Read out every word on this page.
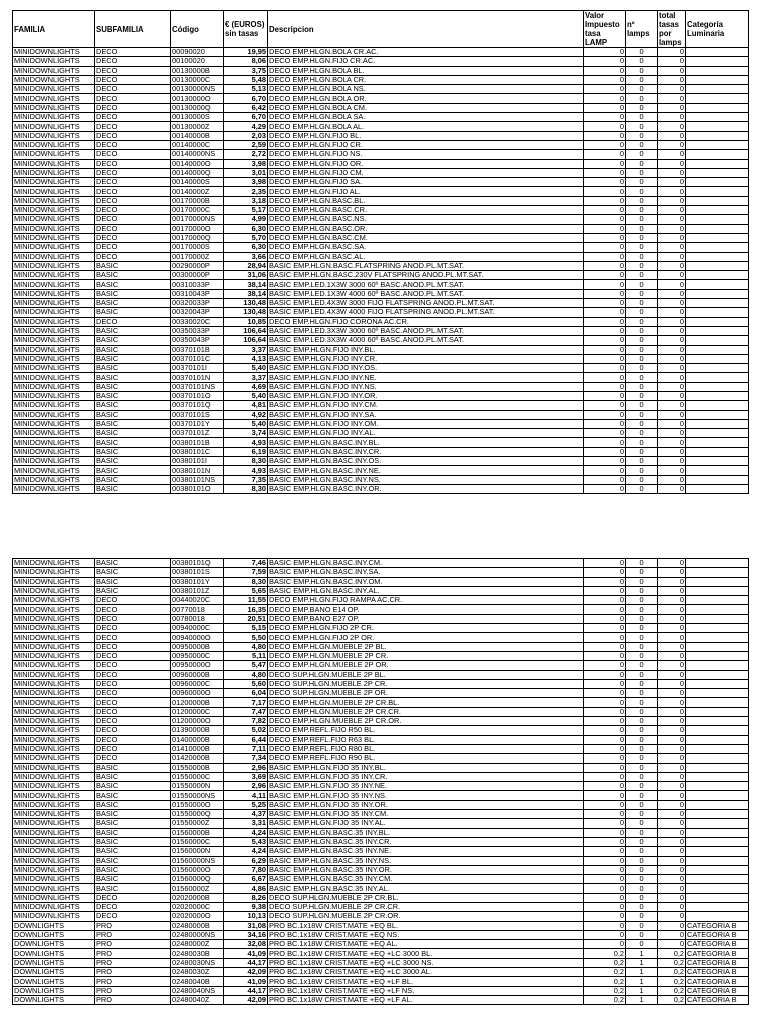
FAMILIA	SUBFAMILIA	Código	€ (EUROS) sin tasas	Descripcion	Valor Impuesto tasa LAMP	nº lamps	total tasas por lamps	Categoria Luminaria
MINIDOWNLIGHTS	DECO	00090020	19,95	DECO EMP.HLGN.BOLA CR.AC.	0	0	0	
MINIDOWNLIGHTS	DECO	00100020	8,06	DECO EMP.HLGN.FIJO CR.AC.	0	0	0	
MINIDOWNLIGHTS	DECO	00130000B	3,75	DECO EMP.HLGN.BOLA BL.	0	0	0	
MINIDOWNLIGHTS	DECO	00130000C	5,48	DECO EMP.HLGN.BOLA CR.	0	0	0	
MINIDOWNLIGHTS	DECO	00130000NS	5,13	DECO EMP.HLGN.BOLA NS.	0	0	0	
MINIDOWNLIGHTS	DECO	00130000O	6,70	DECO EMP.HLGN.BOLA OR.	0	0	0	
MINIDOWNLIGHTS	DECO	00130000Q	6,42	DECO EMP.HLGN.BOLA CM.	0	0	0	
MINIDOWNLIGHTS	DECO	00130000S	6,70	DECO EMP.HLGN.BOLA SA.	0	0	0	
MINIDOWNLIGHTS	DECO	00130000Z	4,29	DECO EMP.HLGN.BOLA AL.	0	0	0	
MINIDOWNLIGHTS	DECO	00140000B	2,03	DECO EMP.HLGN.FIJO BL.	0	0	0	
MINIDOWNLIGHTS	DECO	00140000C	2,59	DECO EMP.HLGN.FIJO CR.	0	0	0	
MINIDOWNLIGHTS	DECO	00140000NS	2,72	DECO EMP.HLGN.FIJO NS.	0	0	0	
MINIDOWNLIGHTS	DECO	00140000O	3,98	DECO EMP.HLGN.FIJO OR.	0	0	0	
MINIDOWNLIGHTS	DECO	00140000Q	3,01	DECO EMP.HLGN.FIJO CM.	0	0	0	
MINIDOWNLIGHTS	DECO	00140000S	3,98	DECO EMP.HLGN.FIJO SA.	0	0	0	
MINIDOWNLIGHTS	DECO	00140000Z	2,35	DECO EMP.HLGN.FIJO AL.	0	0	0	
MINIDOWNLIGHTS	DECO	00170000B	3,18	DECO EMP.HLGN.BASC.BL.	0	0	0	
MINIDOWNLIGHTS	DECO	00170000C	5,17	DECO EMP.HLGN.BASC.CR.	0	0	0	
MINIDOWNLIGHTS	DECO	00170000NS	4,99	DECO EMP.HLGN.BASC.NS.	0	0	0	
MINIDOWNLIGHTS	DECO	00170000O	6,30	DECO EMP.HLGN.BASC.OR.	0	0	0	
MINIDOWNLIGHTS	DECO	00170000Q	5,70	DECO EMP.HLGN.BASC.CM.	0	0	0	
MINIDOWNLIGHTS	DECO	00170000S	6,30	DECO EMP.HLGN.BASC.SA.	0	0	0	
MINIDOWNLIGHTS	DECO	00170000Z	3,66	DECO EMP.HLGN.BASC.AL.	0	0	0	
MINIDOWNLIGHTS	BASIC	00290000P	28,94	BASIC EMP.HLGN.BASC.FLATSPRING ANOD.PL.MT.SAT.	0	0	0	
MINIDOWNLIGHTS	BASIC	00300000P	31,06	BASIC EMP.HLGN.BASC.230V FLATSPRING ANOD.PL.MT.SAT.	0	0	0	
MINIDOWNLIGHTS	BASIC	00310033P	38,14	BASIC EMP.LED.1X3W 3000 60º BASC.ANOD.PL.MT.SAT.	0	0	0	
MINIDOWNLIGHTS	BASIC	00310043P	38,14	BASIC EMP.LED.1X3W 4000 60º BASC.ANOD.PL.MT.SAT.	0	0	0	
MINIDOWNLIGHTS	BASIC	00320033P	130,48	BASIC EMP.LED.4X3W 3000 FIJO FLATSPRING ANOD.PL.MT.SAT.	0	0	0	
MINIDOWNLIGHTS	BASIC	00320043P	130,48	BASIC EMP.LED.4X3W 4000 FIJO FLATSPRING ANOD.PL.MT.SAT.	0	0	0	
MINIDOWNLIGHTS	DECO	00330020C	10,85	DECO EMP.HLGN.FIJO CORONA AC.CR.	0	0	0	
MINIDOWNLIGHTS	BASIC	00350033P	106,64	BASIC EMP.LED.3X3W 3000 60º BASC.ANOD.PL.MT.SAT.	0	0	0	
MINIDOWNLIGHTS	BASIC	00350043P	106,64	BASIC EMP.LED.3X3W 4000 60º BASC.ANOD.PL.MT.SAT.	0	0	0	
MINIDOWNLIGHTS	BASIC	00370101B	3,37	BASIC EMP.HLGN.FIJO INY.BL.	0	0	0	
MINIDOWNLIGHTS	BASIC	00370101C	4,13	BASIC EMP.HLGN.FIJO INY.CR.	0	0	0	
MINIDOWNLIGHTS	BASIC	00370101I	5,40	BASIC EMP.HLGN.FIJO INY.OS.	0	0	0	
MINIDOWNLIGHTS	BASIC	00370101N	3,37	BASIC EMP.HLGN.FIJO INY.NE.	0	0	0	
MINIDOWNLIGHTS	BASIC	00370101NS	4,69	BASIC EMP.HLGN.FIJO INY.NS.	0	0	0	
MINIDOWNLIGHTS	BASIC	00370101O	5,40	BASIC EMP.HLGN.FIJO INY.OR.	0	0	0	
MINIDOWNLIGHTS	BASIC	00370101Q	4,81	BASIC EMP.HLGN.FIJO INY.CM.	0	0	0	
MINIDOWNLIGHTS	BASIC	00370101S	4,92	BASIC EMP.HLGN.FIJO INY.SA.	0	0	0	
MINIDOWNLIGHTS	BASIC	00370101Y	5,40	BASIC EMP.HLGN.FIJO INY.OM.	0	0	0	
MINIDOWNLIGHTS	BASIC	00370101Z	3,74	BASIC EMP.HLGN.FIJO INY.AL.	0	0	0	
MINIDOWNLIGHTS	BASIC	00380101B	4,93	BASIC EMP.HLGN.BASC.INY.BL.	0	0	0	
MINIDOWNLIGHTS	BASIC	00380101C	6,19	BASIC EMP.HLGN.BASC.INY.CR.	0	0	0	
MINIDOWNLIGHTS	BASIC	00380101I	8,30	BASIC EMP.HLGN.BASC.INY.OS.	0	0	0	
MINIDOWNLIGHTS	BASIC	00380101N	4,93	BASIC EMP.HLGN.BASC.INY.NE.	0	0	0	
MINIDOWNLIGHTS	BASIC	00380101NS	7,35	BASIC EMP.HLGN.BASC.INY.NS.	0	0	0	
MINIDOWNLIGHTS	BASIC	00380101O	8,30	BASIC EMP.HLGN.BASC.INY.OR.	0	0	0	
MINIDOWNLIGHTS	BASIC	00380101Q	7,46	BASIC EMP.HLGN.BASC.INY.CM.	0	0	0	
MINIDOWNLIGHTS	BASIC	00380101S	7,59	BASIC EMP.HLGN.BASC.INY.SA.	0	0	0	
MINIDOWNLIGHTS	BASIC	00380101Y	8,30	BASIC EMP.HLGN.BASC.INY.OM.	0	0	0	
MINIDOWNLIGHTS	BASIC	00380101Z	5,65	BASIC EMP.HLGN.BASC.INY.AL.	0	0	0	
MINIDOWNLIGHTS	DECO	00440020C	11,55	DECO EMP.HLGN.FIJO RAMPA AC.CR.	0	0	0	
MINIDOWNLIGHTS	DECO	00770018	16,35	DECO EMP.BANO E14 OP.	0	0	0	
MINIDOWNLIGHTS	DECO	00780018	20,51	DECO EMP.BANO E27 OP.	0	0	0	
MINIDOWNLIGHTS	DECO	00940000C	5,15	DECO EMP.HLGN.FIJO 2P CR.	0	0	0	
MINIDOWNLIGHTS	DECO	00940000O	5,50	DECO EMP.HLGN.FIJO 2P OR.	0	0	0	
MINIDOWNLIGHTS	DECO	00950000B	4,80	DECO EMP.HLGN.MUEBLE 2P BL.	0	0	0	
MINIDOWNLIGHTS	DECO	00950000C	5,11	DECO EMP.HLGN.MUEBLE 2P CR.	0	0	0	
MINIDOWNLIGHTS	DECO	00950000O	5,47	DECO EMP.HLGN.MUEBLE 2P OR.	0	0	0	
MINIDOWNLIGHTS	DECO	00960000B	4,80	DECO SUP.HLGN.MUEBLE 2P BL.	0	0	0	
MINIDOWNLIGHTS	DECO	00960000C	5,60	DECO SUP.HLGN.MUEBLE 2P CR.	0	0	0	
MINIDOWNLIGHTS	DECO	00960000O	6,04	DECO SUP.HLGN.MUEBLE 2P OR.	0	0	0	
MINIDOWNLIGHTS	DECO	01200000B	7,17	DECO EMP.HLGN.MUEBLE 2P CR.BL.	0	0	0	
MINIDOWNLIGHTS	DECO	01200000C	7,47	DECO EMP.HLGN.MUEBLE 2P CR.CR.	0	0	0	
MINIDOWNLIGHTS	DECO	01200000O	7,82	DECO EMP.HLGN.MUEBLE 2P CR.OR.	0	0	0	
MINIDOWNLIGHTS	DECO	01390000B	5,02	DECO EMP.REFL.FIJO R50 BL.	0	0	0	
MINIDOWNLIGHTS	DECO	01400000B	6,44	DECO EMP.REFL.FIJO R63 BL.	0	0	0	
MINIDOWNLIGHTS	DECO	01410000B	7,11	DECO EMP.REFL.FIJO R80 BL.	0	0	0	
MINIDOWNLIGHTS	DECO	01420000B	7,34	DECO EMP.REFL.FIJO R90 BL.	0	0	0	
MINIDOWNLIGHTS	BASIC	01550000B	2,96	BASIC EMP.HLGN.FIJO 35 INY.BL.	0	0	0	
MINIDOWNLIGHTS	BASIC	01550000C	3,69	BASIC EMP.HLGN.FIJO 35 INY.CR.	0	0	0	
MINIDOWNLIGHTS	BASIC	01550000N	2,96	BASIC EMP.HLGN.FIJO 35 INY.NE.	0	0	0	
MINIDOWNLIGHTS	BASIC	01550000NS	4,11	BASIC EMP.HLGN.FIJO 35 INY.NS.	0	0	0	
MINIDOWNLIGHTS	BASIC	01550000O	5,25	BASIC EMP.HLGN.FIJO 35 INY.OR.	0	0	0	
MINIDOWNLIGHTS	BASIC	01550000Q	4,37	BASIC EMP.HLGN.FIJO 35 INY.CM.	0	0	0	
MINIDOWNLIGHTS	BASIC	01550000Z	3,31	BASIC EMP.HLGN.FIJO 35 INY.AL.	0	0	0	
MINIDOWNLIGHTS	BASIC	01560000B	4,24	BASIC EMP.HLGN.BASC.35 INY.BL.	0	0	0	
MINIDOWNLIGHTS	BASIC	01560000C	5,43	BASIC EMP.HLGN.BASC.35 INY.CR.	0	0	0	
MINIDOWNLIGHTS	BASIC	01560000N	4,24	BASIC EMP.HLGN.BASC.35 INY.NE.	0	0	0	
MINIDOWNLIGHTS	BASIC	01560000NS	6,29	BASIC EMP.HLGN.BASC.35 INY.NS.	0	0	0	
MINIDOWNLIGHTS	BASIC	01560000O	7,80	BASIC EMP.HLGN.BASC.35 INY.OR.	0	0	0	
MINIDOWNLIGHTS	BASIC	01560000Q	6,67	BASIC EMP.HLGN.BASC.35 INY.CM.	0	0	0	
MINIDOWNLIGHTS	BASIC	01560000Z	4,86	BASIC EMP.HLGN.BASC.35 INY.AL.	0	0	0	
MINIDOWNLIGHTS	DECO	02020000B	8,26	DECO SUP.HLGN.MUEBLE 2P CR.BL.	0	0	0	
MINIDOWNLIGHTS	DECO	02020000C	9,38	DECO SUP.HLGN.MUEBLE 2P CR.CR.	0	0	0	
MINIDOWNLIGHTS	DECO	02020000O	10,13	DECO SUP.HLGN.MUEBLE 2P CR.OR.	0	0	0	
DOWNLIGHTS	PRO	02480000B	31,08	PRO BC.1x18W CRIST.MATE +EQ BL.	0	0	0	CATEGORIA B
DOWNLIGHTS	PRO	02480000NS	34,16	PRO BC.1x18W CRIST.MATE +EQ NS.	0	0	0	CATEGORIA B
DOWNLIGHTS	PRO	02480000Z	32,08	PRO BC.1x18W CRIST.MATE +EQ AL.	0	0	0	CATEGORIA B
DOWNLIGHTS	PRO	02480030B	41,09	PRO BC.1x18W CRIST.MATE +EQ +LC 3000 BL.	0,2	1	0,2	CATEGORIA B
DOWNLIGHTS	PRO	02480030NS	44,17	PRO BC.1x18W CRIST.MATE +EQ +LC 3000 NS.	0,2	1	0,2	CATEGORIA B
DOWNLIGHTS	PRO	02480030Z	42,09	PRO BC.1x18W CRIST.MATE +EQ +LC 3000 AL.	0,2	1	0,2	CATEGORIA B
DOWNLIGHTS	PRO	02480040B	41,09	PRO BC.1x18W CRIST.MATE +EQ +LF BL.	0,2	1	0,2	CATEGORIA B
DOWNLIGHTS	PRO	02480040NS	44,17	PRO BC.1x18W CRIST.MATE +EQ +LF NS.	0,2	1	0,2	CATEGORIA B
DOWNLIGHTS	PRO	02480040Z	42,09	PRO BC.1x18W CRIST.MATE +EQ +LF AL.	0,2	1	0,2	CATEGORIA B
